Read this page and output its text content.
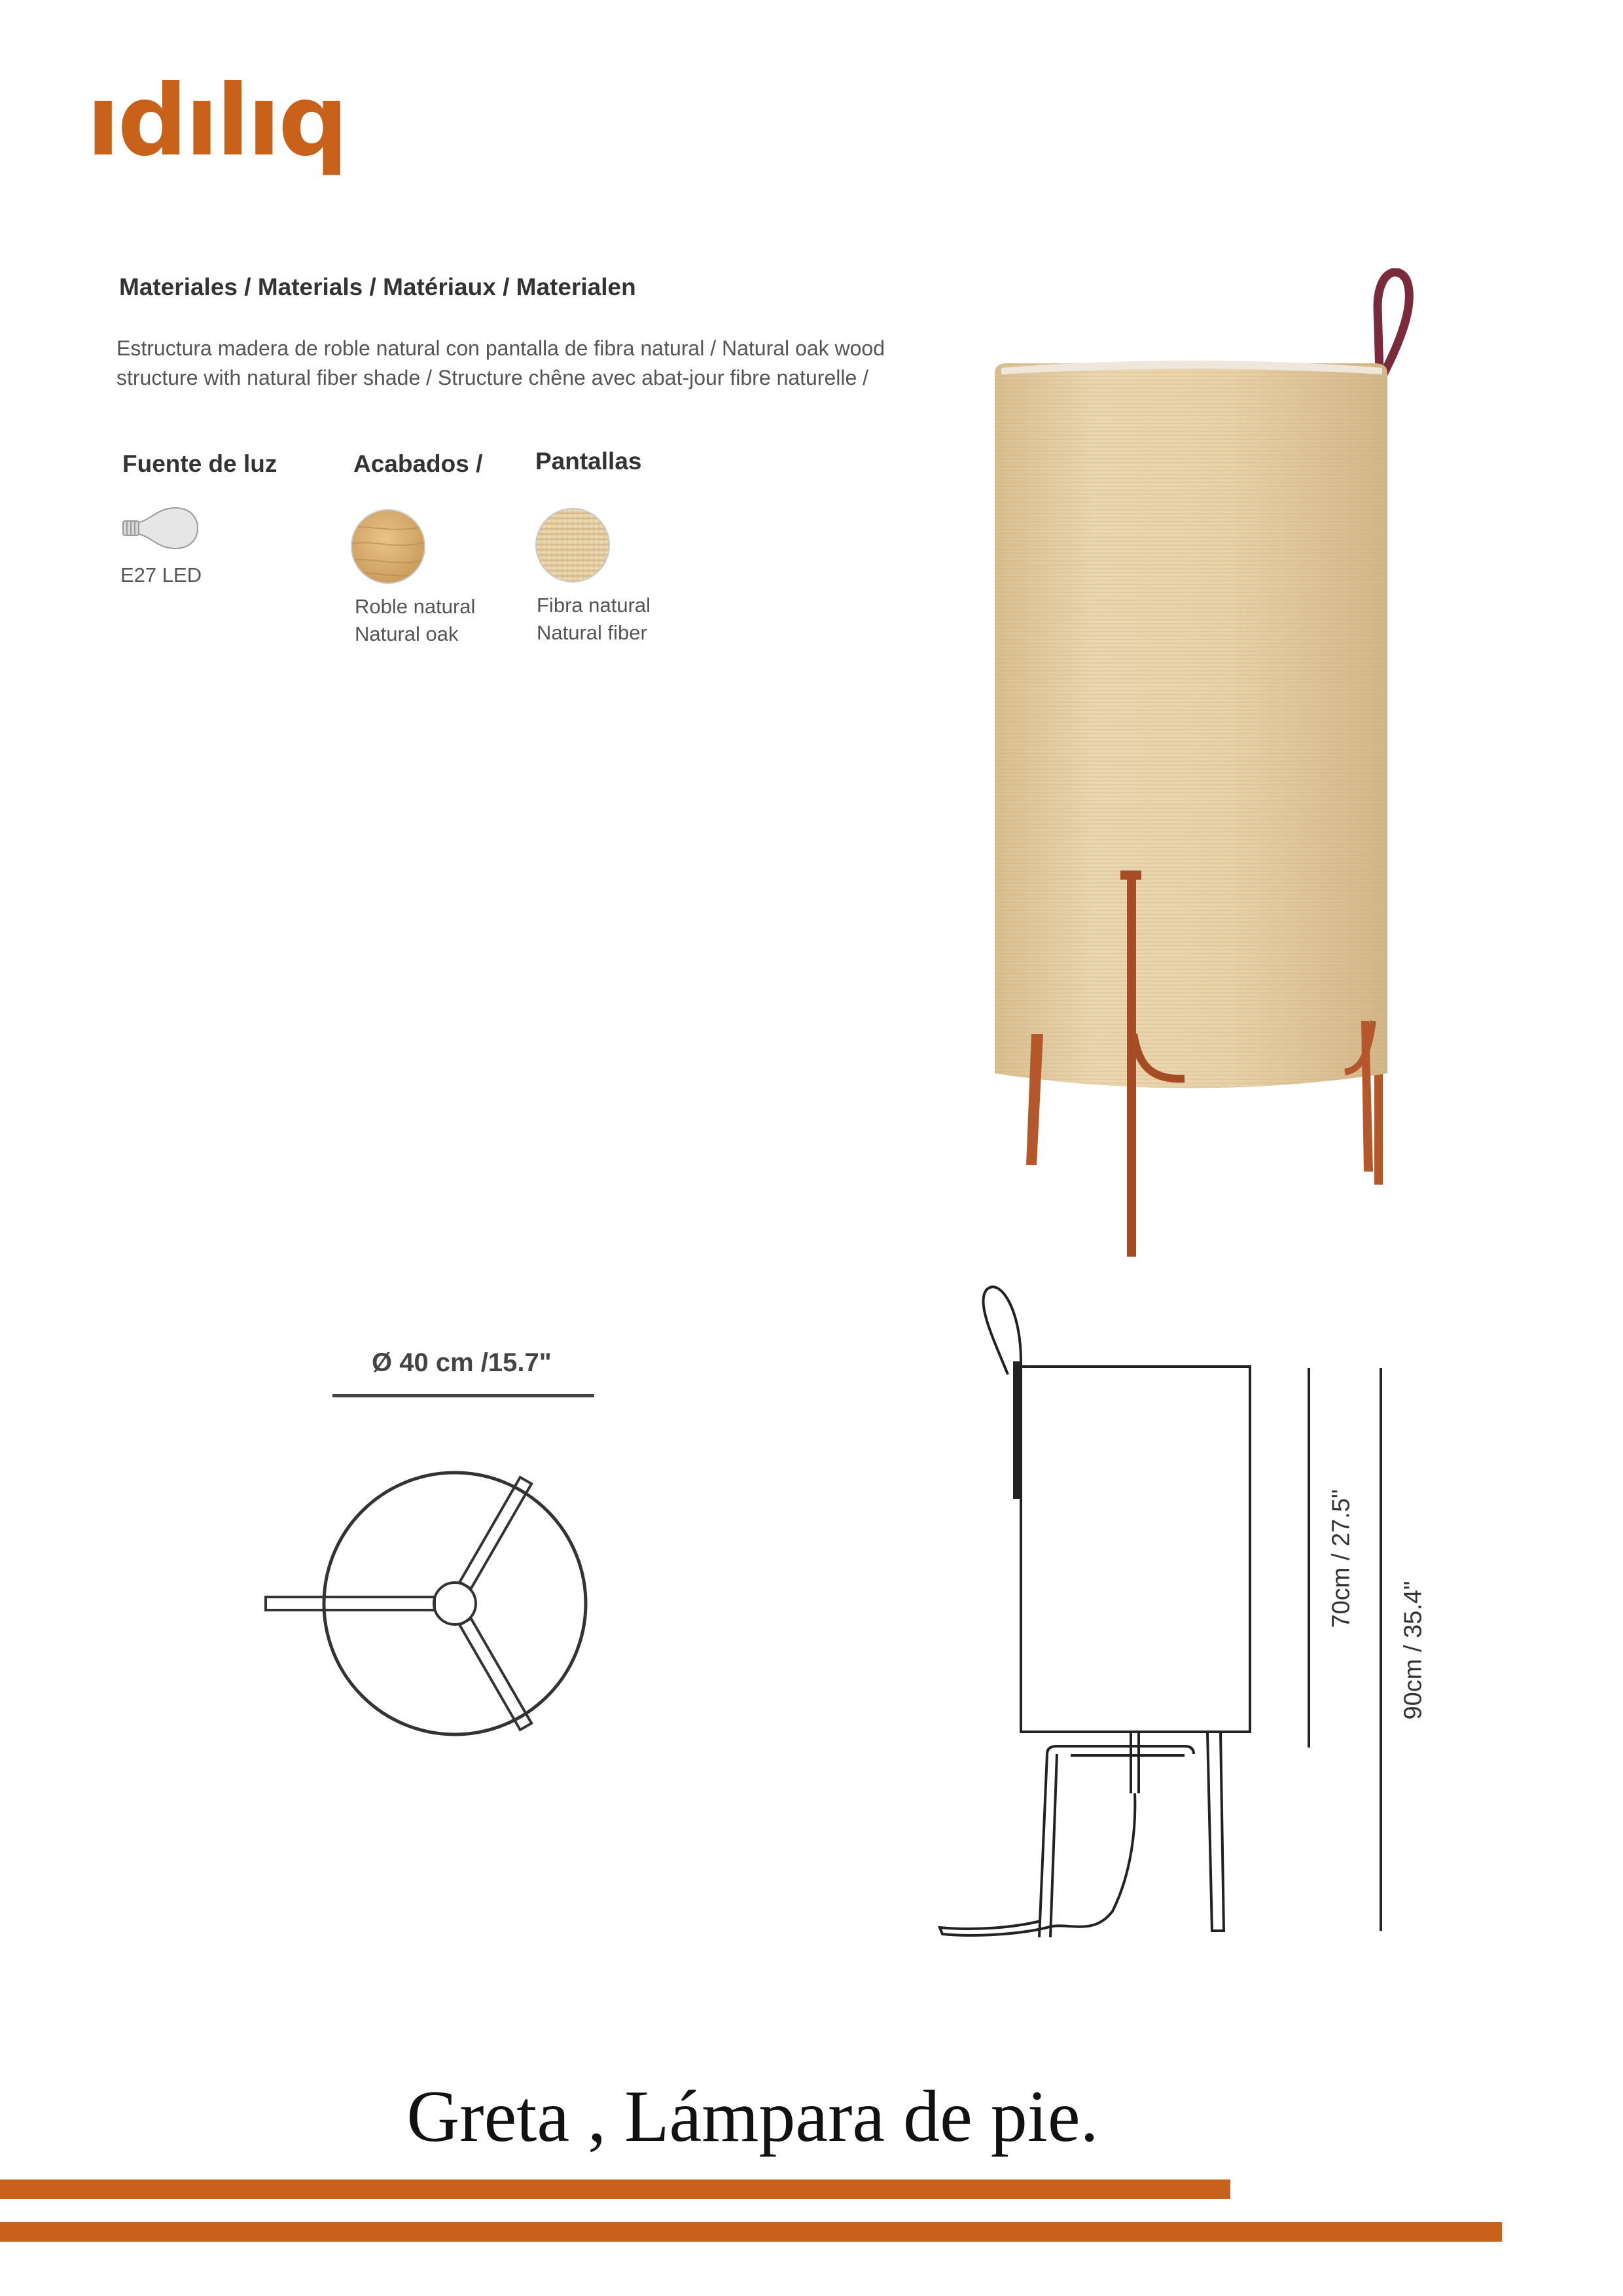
ıdılıq
Materiales / Materials / Matériaux / Materialen
Estructura madera de roble natural con pantalla de fibra natural / Natural oak wood structure with natural fiber shade / Structure chêne avec abat-jour fibre naturelle /
Fuente de luz	Acabados / Pantallas
E27 LED
Roble natural
Natural oak
Fibra natural
Natural fiber
Ø 40 cm /15.7"
70cm / 27.5"
90cm / 35.4"
Greta , Lámpara de pie.
